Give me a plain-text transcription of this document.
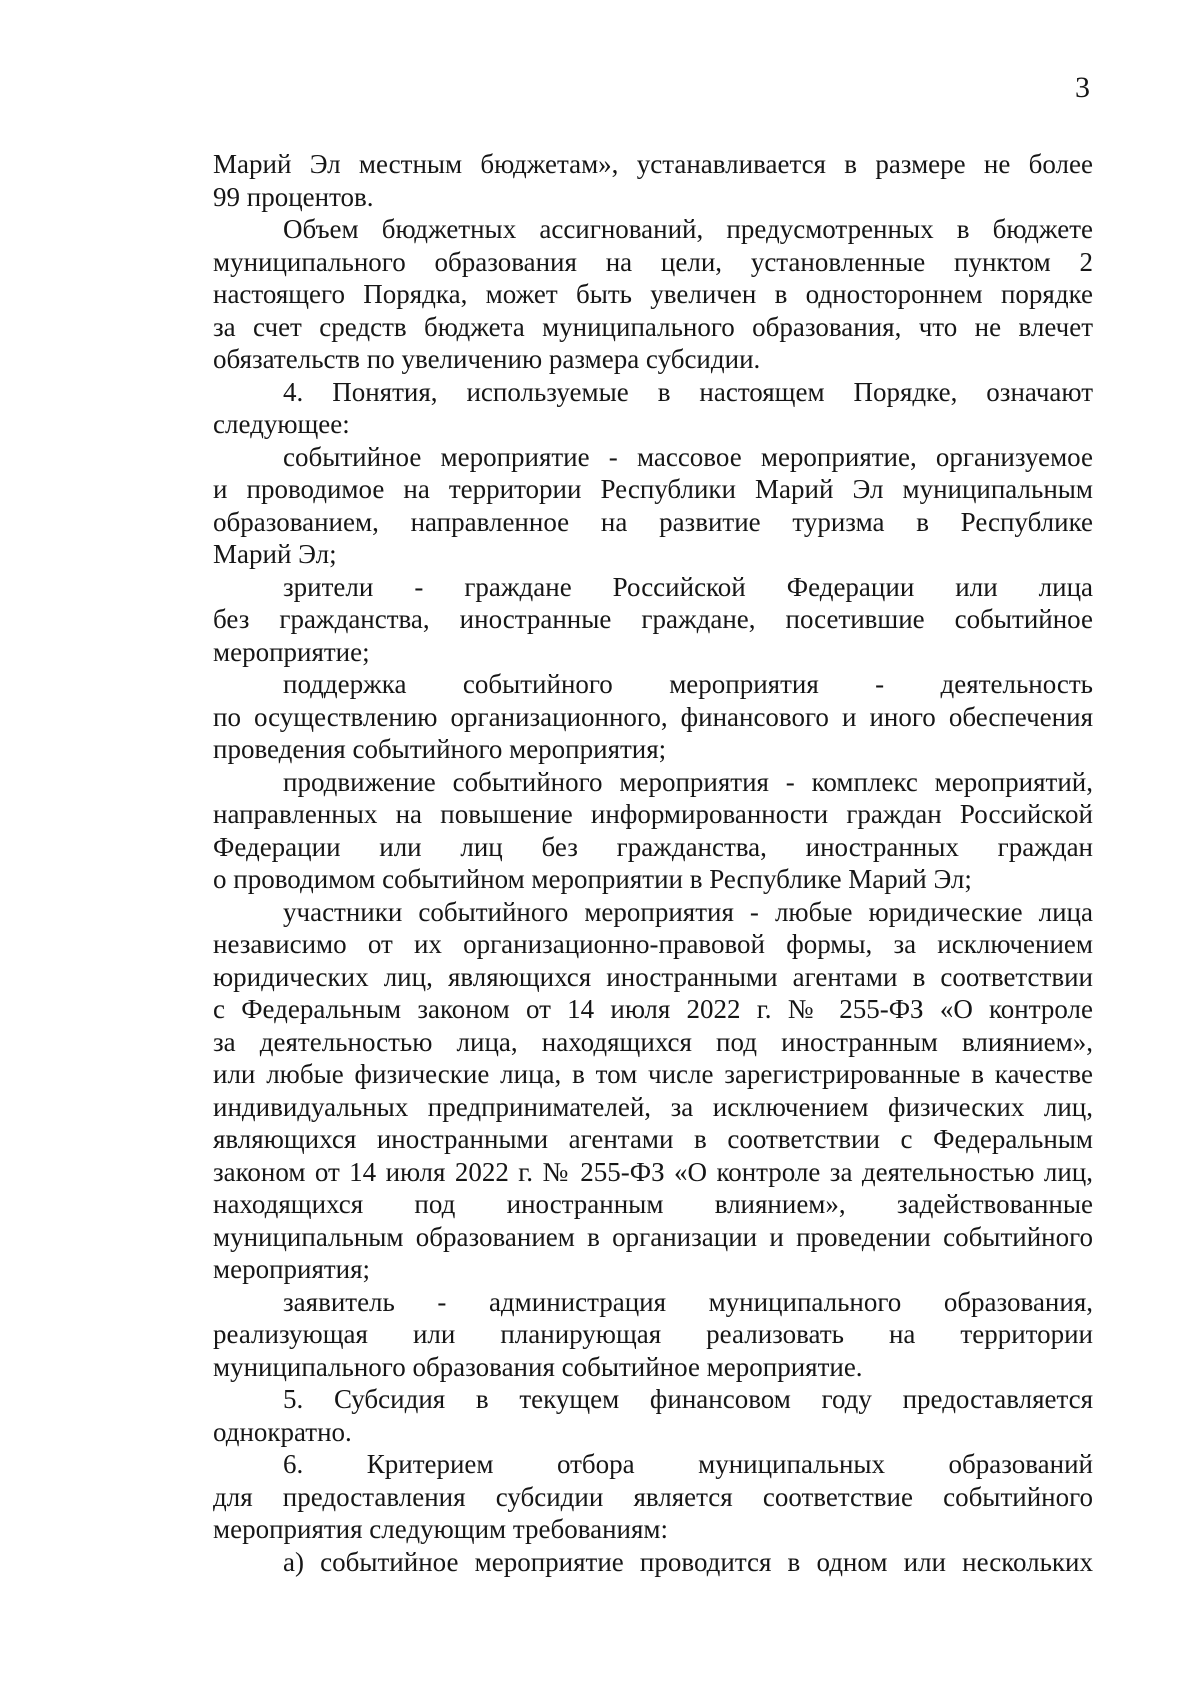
3
Марий Эл местным бюджетам», устанавливается в размере не более
99 процентов.
Объем бюджетных ассигнований, предусмотренных в бюджете
муниципального образования на цели, установленные пунктом 2
настоящего Порядка, может быть увеличен в одностороннем порядке
за счет средств бюджета муниципального образования, что не влечет
обязательств по увеличению размера субсидии.
4. Понятия, используемые в настоящем Порядке, означают
следующее:
событийное мероприятие - массовое мероприятие, организуемое
и проводимое на территории Республики Марий Эл муниципальным
образованием, направленное на развитие туризма в Республике
Марий Эл;
зрители - граждане Российской Федерации или лица
без гражданства, иностранные граждане, посетившие событийное
мероприятие;
поддержка событийного мероприятия - деятельность
по осуществлению организационного, финансового и иного обеспечения
проведения событийного мероприятия;
продвижение событийного мероприятия - комплекс мероприятий,
направленных на повышение информированности граждан Российской
Федерации или лиц без гражданства, иностранных граждан
о проводимом событийном мероприятии в Республике Марий Эл;
участники событийного мероприятия - любые юридические лица
независимо от их организационно-правовой формы, за исключением
юридических лиц, являющихся иностранными агентами в соответствии
с Федеральным законом от 14 июля 2022 г. № 255-ФЗ «О контроле
за деятельностью лица, находящихся под иностранным влиянием»,
или любые физические лица, в том числе зарегистрированные в качестве
индивидуальных предпринимателей, за исключением физических лиц,
являющихся иностранными агентами в соответствии с Федеральным
законом от 14 июля 2022 г. № 255-ФЗ «О контроле за деятельностью лиц,
находящихся под иностранным влиянием», задействованные
муниципальным образованием в организации и проведении событийного
мероприятия;
заявитель - администрация муниципального образования,
реализующая или планирующая реализовать на территории
муниципального образования событийное мероприятие.
5. Субсидия в текущем финансовом году предоставляется
однократно.
6. Критерием отбора муниципальных образований
для предоставления субсидии является соответствие событийного
мероприятия следующим требованиям:
а) событийное мероприятие проводится в одном или нескольких
